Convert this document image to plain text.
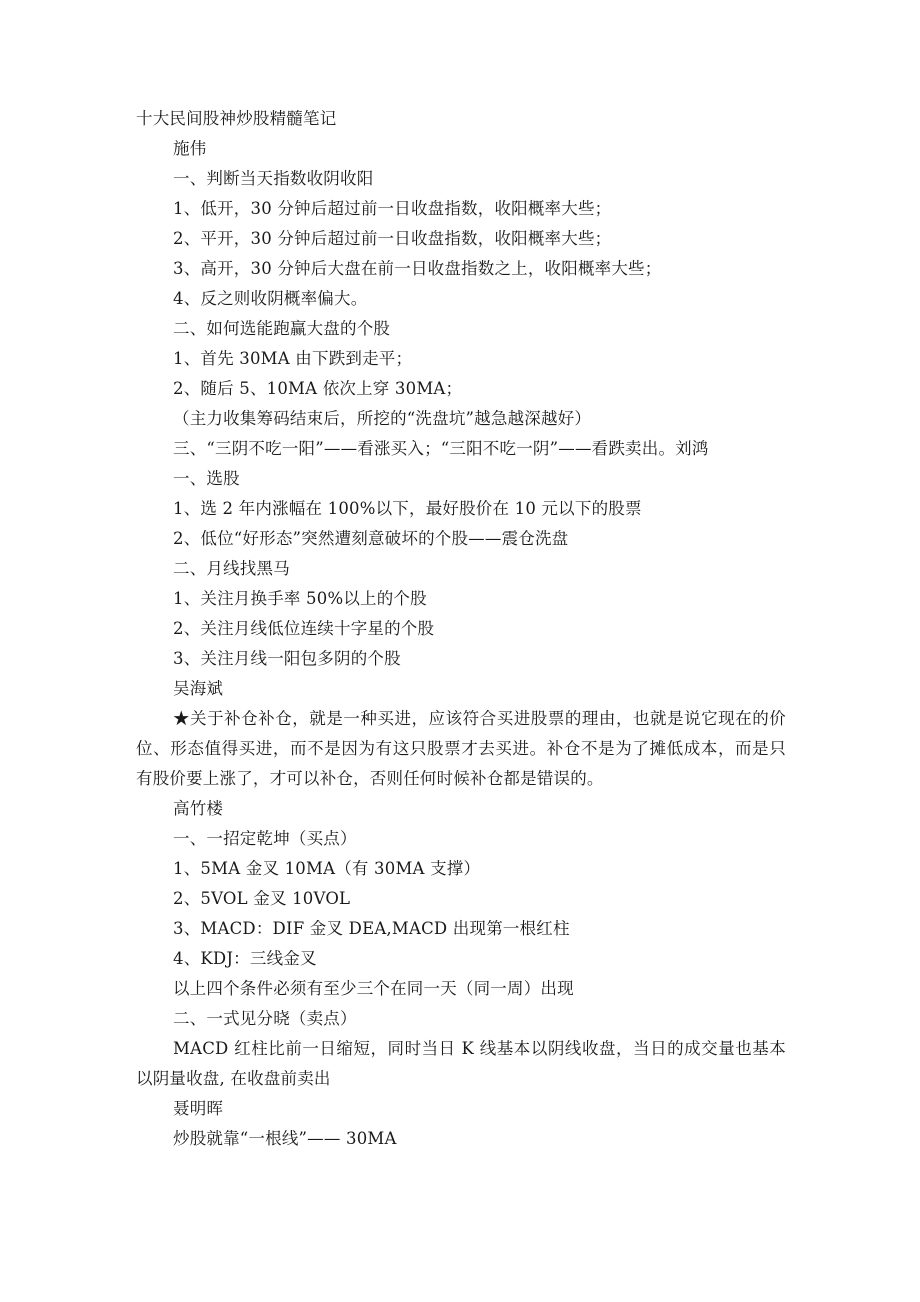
十大民间股神炒股精髓笔记
施伟
一、判断当天指数收阴收阳
1、低开，30 分钟后超过前一日收盘指数，收阳概率大些；
2、平开，30 分钟后超过前一日收盘指数，收阳概率大些；
3、高开，30 分钟后大盘在前一日收盘指数之上，收阳概率大些；
4、反之则收阴概率偏大。
二、如何选能跑赢大盘的个股
1、首先 30MA 由下跌到走平；
2、随后 5、10MA 依次上穿 30MA；
（主力收集筹码结束后，所挖的“洗盘坑”越急越深越好）
三、“三阴不吃一阳”——看涨买入；“三阳不吃一阴”——看跌卖出。刘鸿
一、选股
1、选 2 年内涨幅在 100%以下，最好股价在 10 元以下的股票
2、低位“好形态”突然遭刻意破坏的个股——震仓洗盘
二、月线找黑马
1、关注月换手率 50%以上的个股
2、关注月线低位连续十字星的个股
3、关注月线一阳包多阴的个股
吴海斌
★关于补仓补仓，就是一种买进，应该符合买进股票的理由，也就是说它现在的价位、形态值得买进，而不是因为有这只股票才去买进。补仓不是为了摊低成本，而是只有股价要上涨了，才可以补仓，否则任何时候补仓都是错误的。
高竹楼
一、一招定乾坤（买点）
1、5MA 金叉 10MA（有 30MA 支撑）
2、5VOL 金叉 10VOL
3、MACD：DIF 金叉 DEA,MACD 出现第一根红柱
4、KDJ：三线金叉
以上四个条件必须有至少三个在同一天（同一周）出现
二、一式见分晓（卖点）
MACD 红柱比前一日缩短，同时当日 K 线基本以阴线收盘，当日的成交量也基本以阴量收盘, 在收盘前卖出
聂明晖
炒股就靠“一根线”—— 30MA
